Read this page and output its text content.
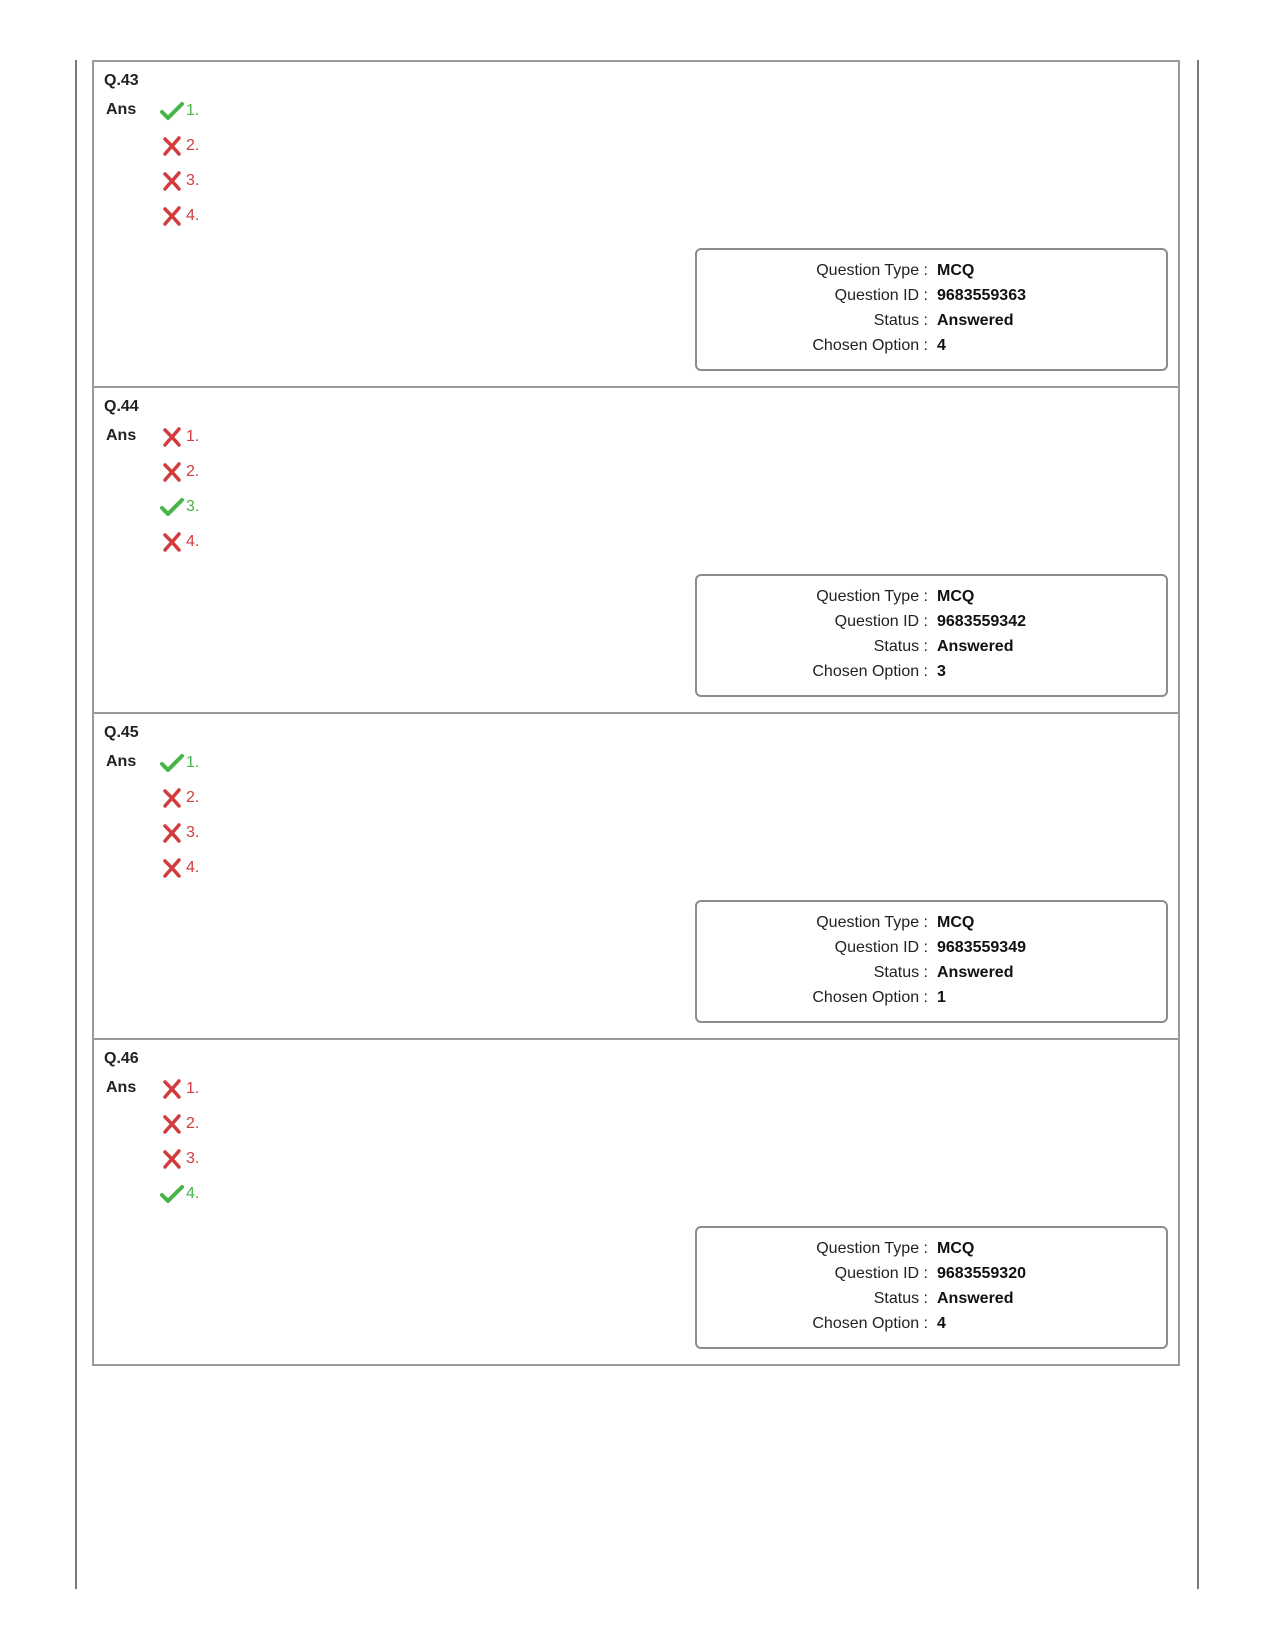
Q.43
Ans	1.
2.
3.
4.
Question Type : MCQ
Question ID : 9683559363
Status : Answered
Chosen Option : 4
Q.44
Ans	1.
2.
3.
4.
Question Type : MCQ
Question ID : 9683559342
Status : Answered
Chosen Option : 3
Q.45
Ans	1.
2.
3.
4.
Question Type : MCQ
Question ID : 9683559349
Status : Answered
Chosen Option : 1
Q.46
Ans	1.
2.
3.
4.
Question Type : MCQ
Question ID : 9683559320
Status : Answered
Chosen Option : 4
